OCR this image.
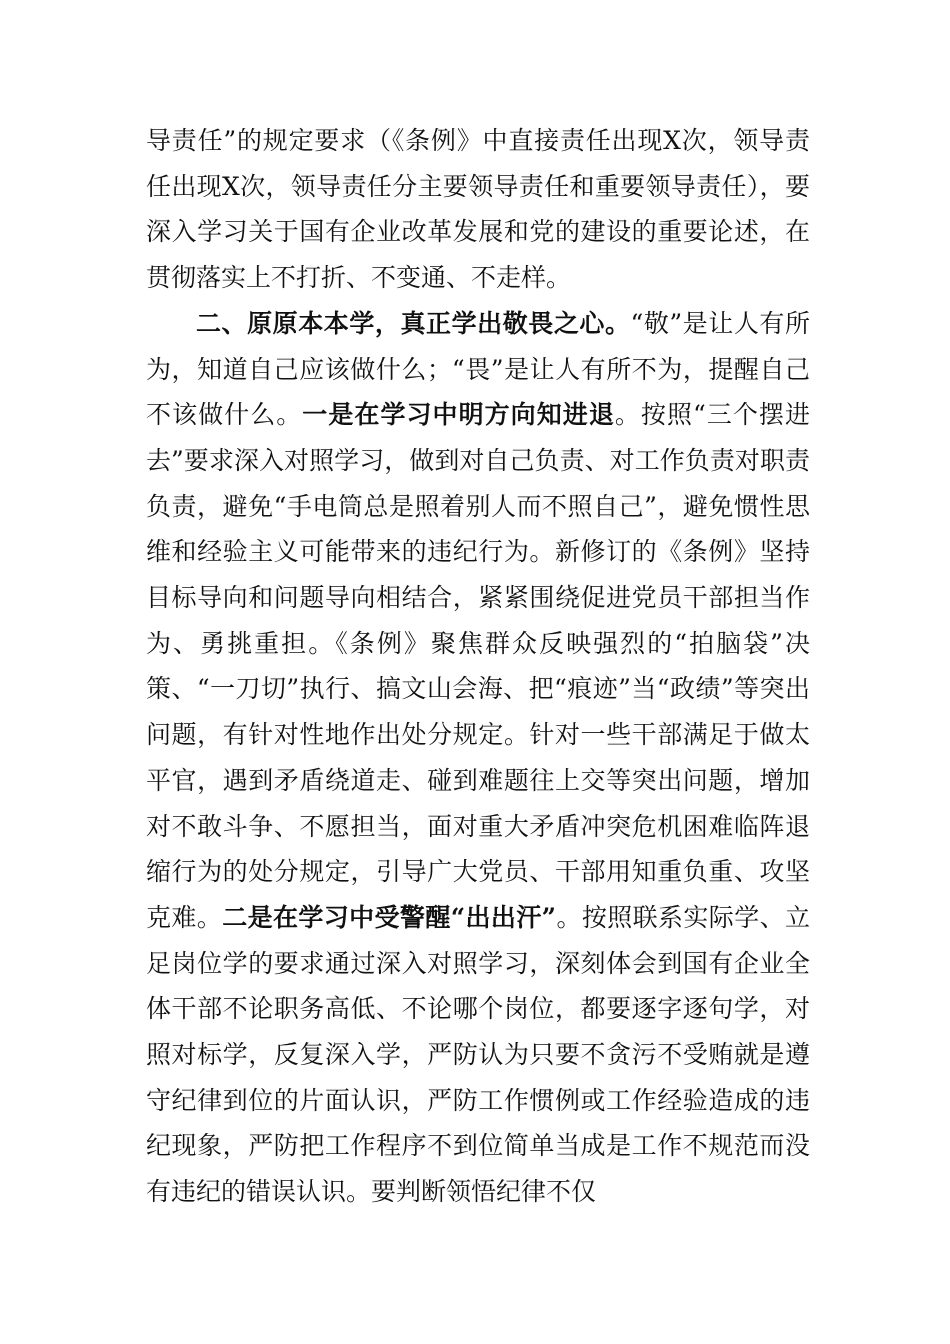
导责任”的规定要求（《条例》中直接责任出现X次，领导责任出现X次，领导责任分主要领导责任和重要领导责任），要深入学习关于国有企业改革发展和党的建设的重要论述，在贯彻落实上不打折、不变通、不走样。

二、原原本本学，真正学出敬畏之心。“敬”是让人有所为，知道自己应该做什么；“畏”是让人有所不为，提醒自己不该做什么。一是在学习中明方向知进退。按照“三个摆进去”要求深入对照学习，做到对自己负责、对工作负责对职责负责，避免“手电筒总是照着别人而不照自己”，避免惯性思维和经验主义可能带来的违纪行为。新修订的《条例》坚持目标导向和问题导向相结合，紧紧围绕促进党员干部担当作为、勇挑重担。《条例》聚焦群众反映强烈的“拍脑袋”决策、“一刀切”执行、搞文山会海、把“痕迹”当“政绩”等突出问题，有针对性地作出处分规定。针对一些干部满足于做太平官，遇到矛盾绕道走、碰到难题往上交等突出问题，增加对不敢斗争、不愿担当，面对重大矛盾冲突危机困难临阵退缩行为的处分规定，引导广大党员、干部用知重负重、攻坚克难。二是在学习中受警醒“出出汗”。按照联系实际学、立足岗位学的要求通过深入对照学习，深刻体会到国有企业全体干部不论职务高低、不论哪个岗位，都要逐字逐句学，对照对标学，反复深入学，严防认为只要不贪污不受贿就是遵守纪律到位的片面认识，严防工作惯例或工作经验造成的违纪现象，严防把工作程序不到位简单当成是工作不规范而没有违纪的错误认识。要判断领悟纪律不仅
